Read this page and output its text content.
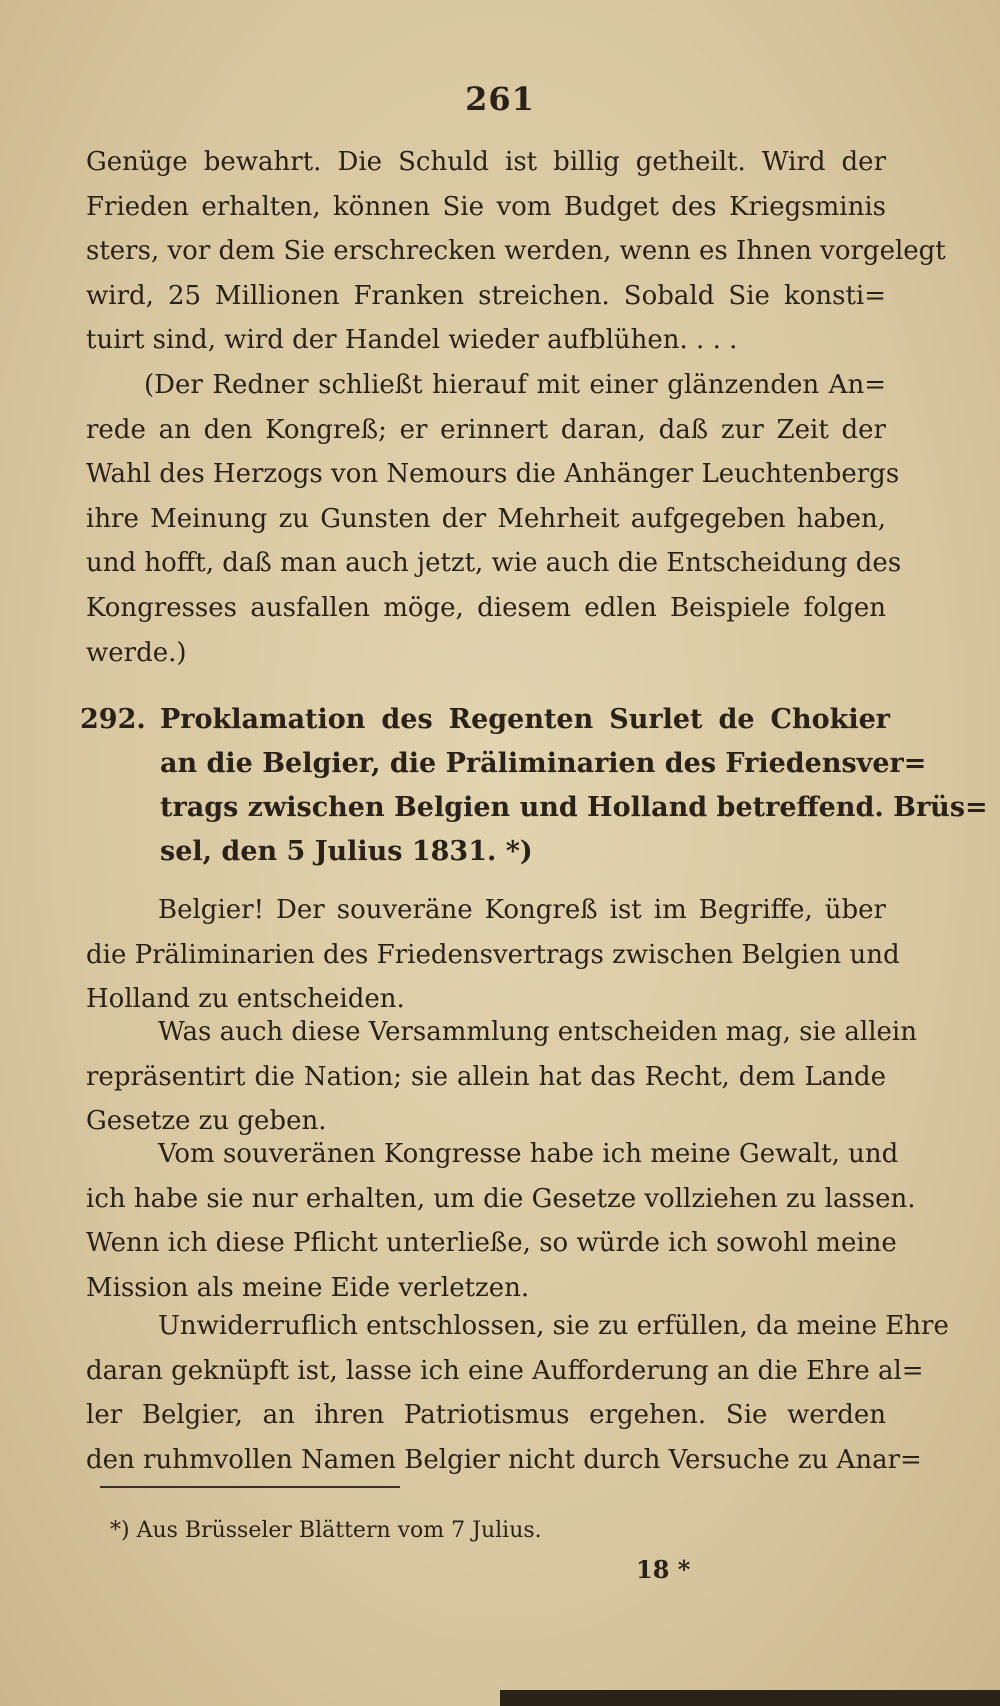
261
Genüge bewahrt. Die Schuld ist billig getheilt. Wird der
Frieden erhalten, können Sie vom Budget des Kriegsminis
sters, vor dem Sie erschrecken werden, wenn es Ihnen vorgelegt
wird, 25 Millionen Franken streichen. Sobald Sie konsti=
tuirt sind, wird der Handel wieder aufblühen. . . .
(Der Redner schließt hierauf mit einer glänzenden An=
rede an den Kongreß; er erinnert daran, daß zur Zeit der
Wahl des Herzogs von Nemours die Anhänger Leuchtenbergs
ihre Meinung zu Gunsten der Mehrheit aufgegeben haben,
und hofft, daß man auch jetzt, wie auch die Entscheidung des
Kongresses ausfallen möge, diesem edlen Beispiele folgen
werde.)
292. Proklamation des Regenten Surlet de Chokier
an die Belgier, die Präliminarien des Friedensver=
trags zwischen Belgien und Holland betreffend. Brüs=
sel, den 5 Julius 1831. *)
Belgier! Der souveräne Kongreß ist im Begriffe, über
die Präliminarien des Friedensvertrags zwischen Belgien und
Holland zu entscheiden.
Was auch diese Versammlung entscheiden mag, sie allein
repräsentirt die Nation; sie allein hat das Recht, dem Lande
Gesetze zu geben.
Vom souveränen Kongresse habe ich meine Gewalt, und
ich habe sie nur erhalten, um die Gesetze vollziehen zu lassen.
Wenn ich diese Pflicht unterließe, so würde ich sowohl meine
Mission als meine Eide verletzen.
Unwiderruflich entschlossen, sie zu erfüllen, da meine Ehre
daran geknüpft ist, lasse ich eine Aufforderung an die Ehre al=
ler Belgier, an ihren Patriotismus ergehen. Sie werden
den ruhmvollen Namen Belgier nicht durch Versuche zu Anar=
*) Aus Brüsseler Blättern vom 7 Julius.
18 *
